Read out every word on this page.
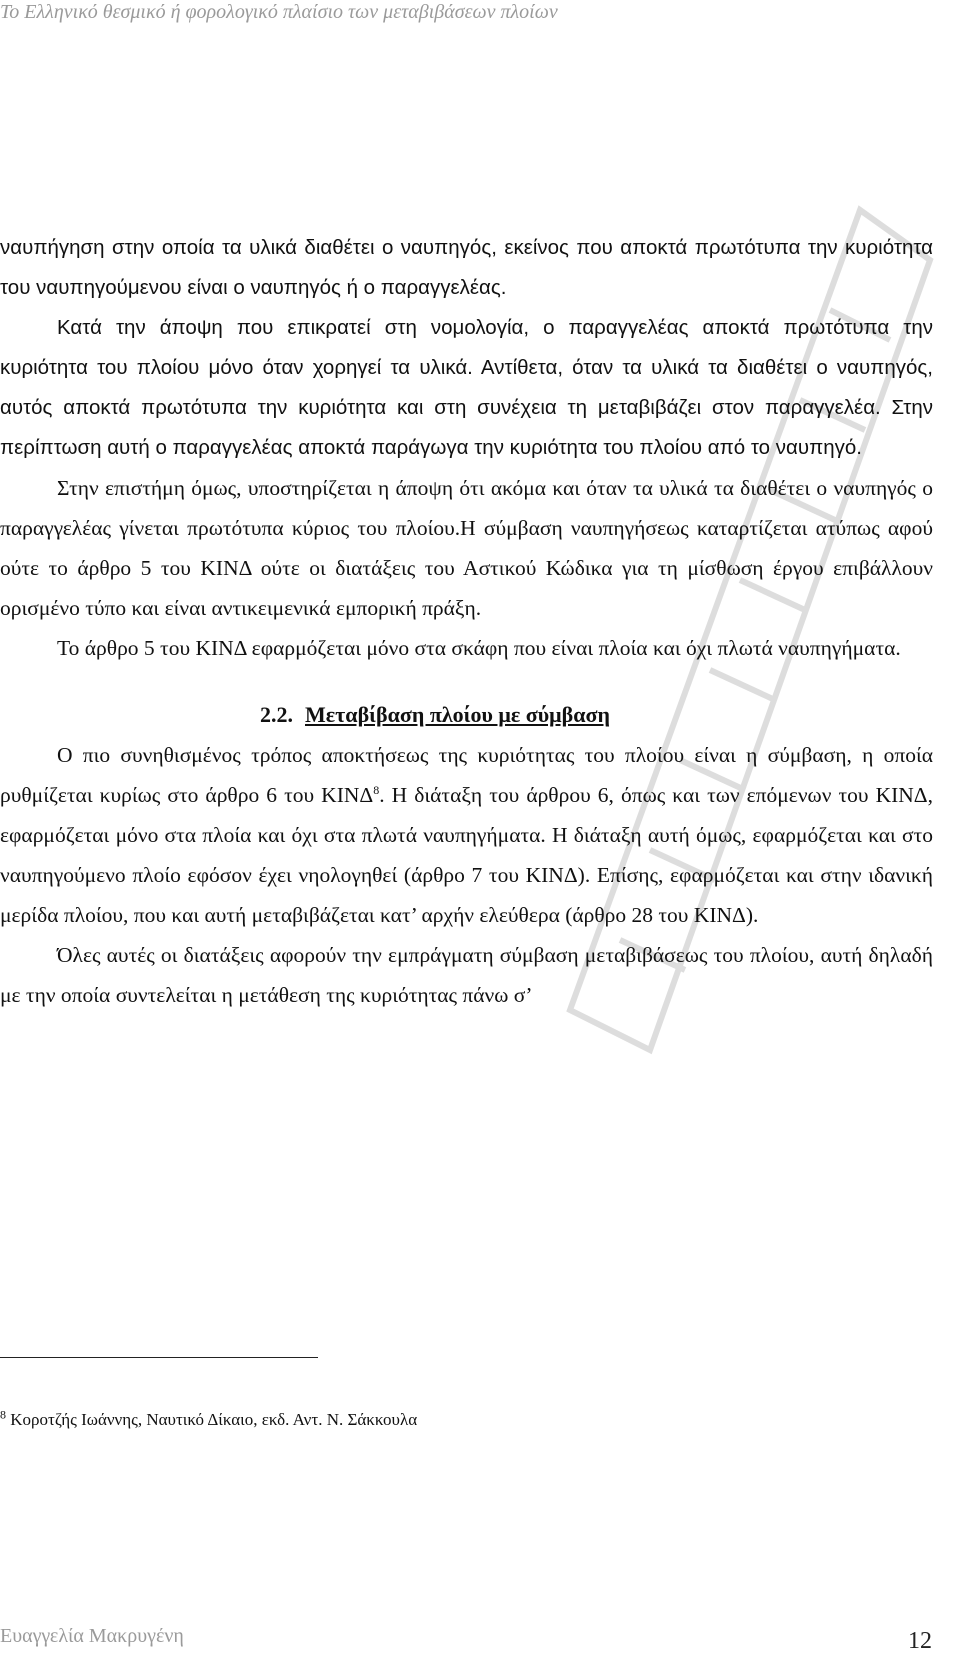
Το Ελληνικό θεσμικό ή φορολογικό πλαίσιο των μεταβιβάσεων πλοίων

ναυπήγηση στην οποία τα υλικά διαθέτει ο ναυπηγός, εκείνος που αποκτά πρωτότυπα την κυριότητα του ναυπηγούμενου είναι ο ναυπηγός ή ο παραγγελέας.

Κατά την άποψη που επικρατεί στη νομολογία, ο παραγγελέας αποκτά πρωτότυπα την κυριότητα του πλοίου μόνο όταν χορηγεί τα υλικά. Αντίθετα, όταν τα υλικά τα διαθέτει ο ναυπηγός, αυτός αποκτά πρωτότυπα την κυριότητα και στη συνέχεια τη μεταβιβάζει στον παραγγελέα. Στην περίπτωση αυτή ο παραγγελέας αποκτά παράγωγα την κυριότητα του πλοίου από το ναυπηγό.

Στην επιστήμη όμως, υποστηρίζεται η άποψη ότι ακόμα και όταν τα υλικά τα διαθέτει ο ναυπηγός ο παραγγελέας γίνεται πρωτότυπα κύριος του πλοίου.Η σύμβαση ναυπηγήσεως καταρτίζεται ατύπως αφού ούτε το άρθρο 5 του ΚΙΝΔ ούτε οι διατάξεις του Αστικού Κώδικα για τη μίσθωση έργου επιβάλλουν ορισμένο τύπο και είναι αντικειμενικά εμπορική πράξη.

Το άρθρο 5 του ΚΙΝΔ εφαρμόζεται μόνο στα σκάφη που είναι πλοία και όχι πλωτά ναυπηγήματα.

2.2. Μεταβίβαση πλοίου με σύμβαση

Ο πιο συνηθισμένος τρόπος αποκτήσεως της κυριότητας του πλοίου είναι η σύμβαση, η οποία ρυθμίζεται κυρίως στο άρθρο 6 του ΚΙΝΔ$^8$. Η διάταξη του άρθρου 6, όπως και των επόμενων του ΚΙΝΔ, εφαρμόζεται μόνο στα πλοία και όχι στα πλωτά ναυπηγήματα. Η διάταξη αυτή όμως, εφαρμόζεται και στο ναυπηγούμενο πλοίο εφόσον έχει νηολογηθεί (άρθρο 7 του ΚΙΝΔ). Επίσης, εφαρμόζεται και στην ιδανική μερίδα πλοίου, που και αυτή μεταβιβάζεται κατ’ αρχήν ελεύθερα (άρθρο 28 του ΚΙΝΔ).

Όλες αυτές οι διατάξεις αφορούν την εμπράγματη σύμβαση μεταβιβάσεως του πλοίου, αυτή δηλαδή με την οποία συντελείται η μετάθεση της κυριότητας πάνω σ’

$^8$ Κοροτζής Ιωάννης, Ναυτικό Δίκαιο, εκδ. Αντ. Ν. Σάκκουλα
Ευαγγελία Μακρυγένη	12
